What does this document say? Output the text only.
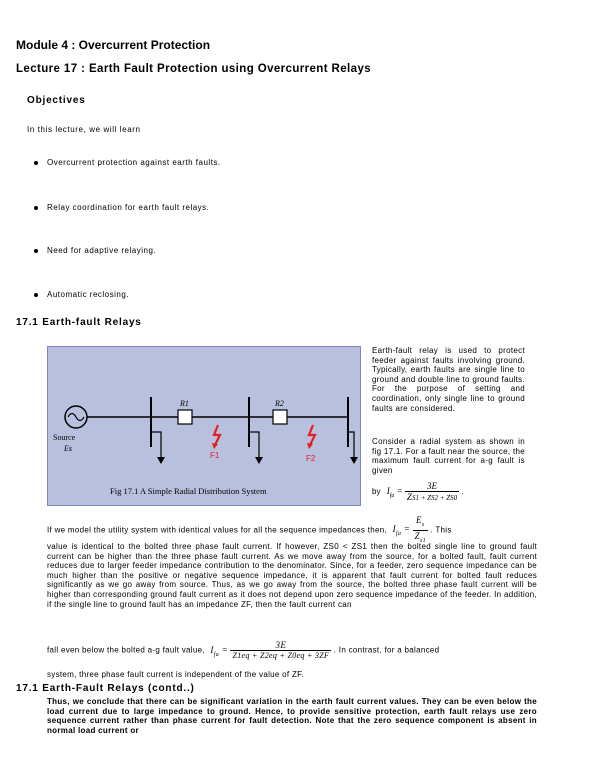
Module 4 : Overcurrent Protection
Lecture 17 : Earth Fault Protection using Overcurrent Relays
Objectives
In this lecture, we will learn
Overcurrent protection against earth faults.
Relay coordination for earth fault relays.
Need for adaptive relaying.
Automatic reclosing.
17.1 Earth-fault Relays
Source
Es
R1	R2
F1	F2
Fig 17.1 A Simple Radial Distribution System
Earth-fault relay is used to protect feeder against faults involving ground. Typically, earth faults are single line to ground and double line to ground faults. For the purpose of setting and coordination, only single line to ground faults are considered.
Consider a radial system as shown in fig 17.1. For a fault near the source, the maximum fault current for a-g fault is given
by $I_{fa} = \frac{3E}{ZS1 + ZS2 + ZS0}$ .
If we model the utility system with identical values for all the sequence impedances then, $I_{fa} = \frac{E_s}{Z_{s1}}$ . This
value is identical to the bolted three phase fault current. If however, ZS0 < ZS1 then the bolted single line to ground fault current can be higher than the three phase fault current. As we move away from the source, for a bolted fault, fault current reduces due to larger feeder impedance contribution to the denominator. Since, for a feeder, zero sequence impedance can be much higher than the positive or negative sequence impedance, it is apparent that fault current for bolted fault reduces significantly as we go away from source. Thus, as we go away from the source, the bolted three phase fault current will be higher than corresponding ground fault current as it does not depend upon zero sequence impedance of the feeder. In addition, if the single line to ground fault has an impedance ZF, then the fault current can
fall even below the bolted a-g fault value, $I_{fa} = \frac{3E}{Z1eq + Z2eq + Z0eq + 3ZF}$ . In contrast, for a balanced
system, three phase fault current is independent of the value of ZF.
17.1 Earth-Fault Relays (contd..)
Thus, we conclude that there can be significant variation in the earth fault current values. They can be even below the load current due to large impedance to ground. Hence, to provide sensitive protection, earth fault relays use zero sequence current rather than phase current for fault detection. Note that the zero sequence component is absent in normal load current or
